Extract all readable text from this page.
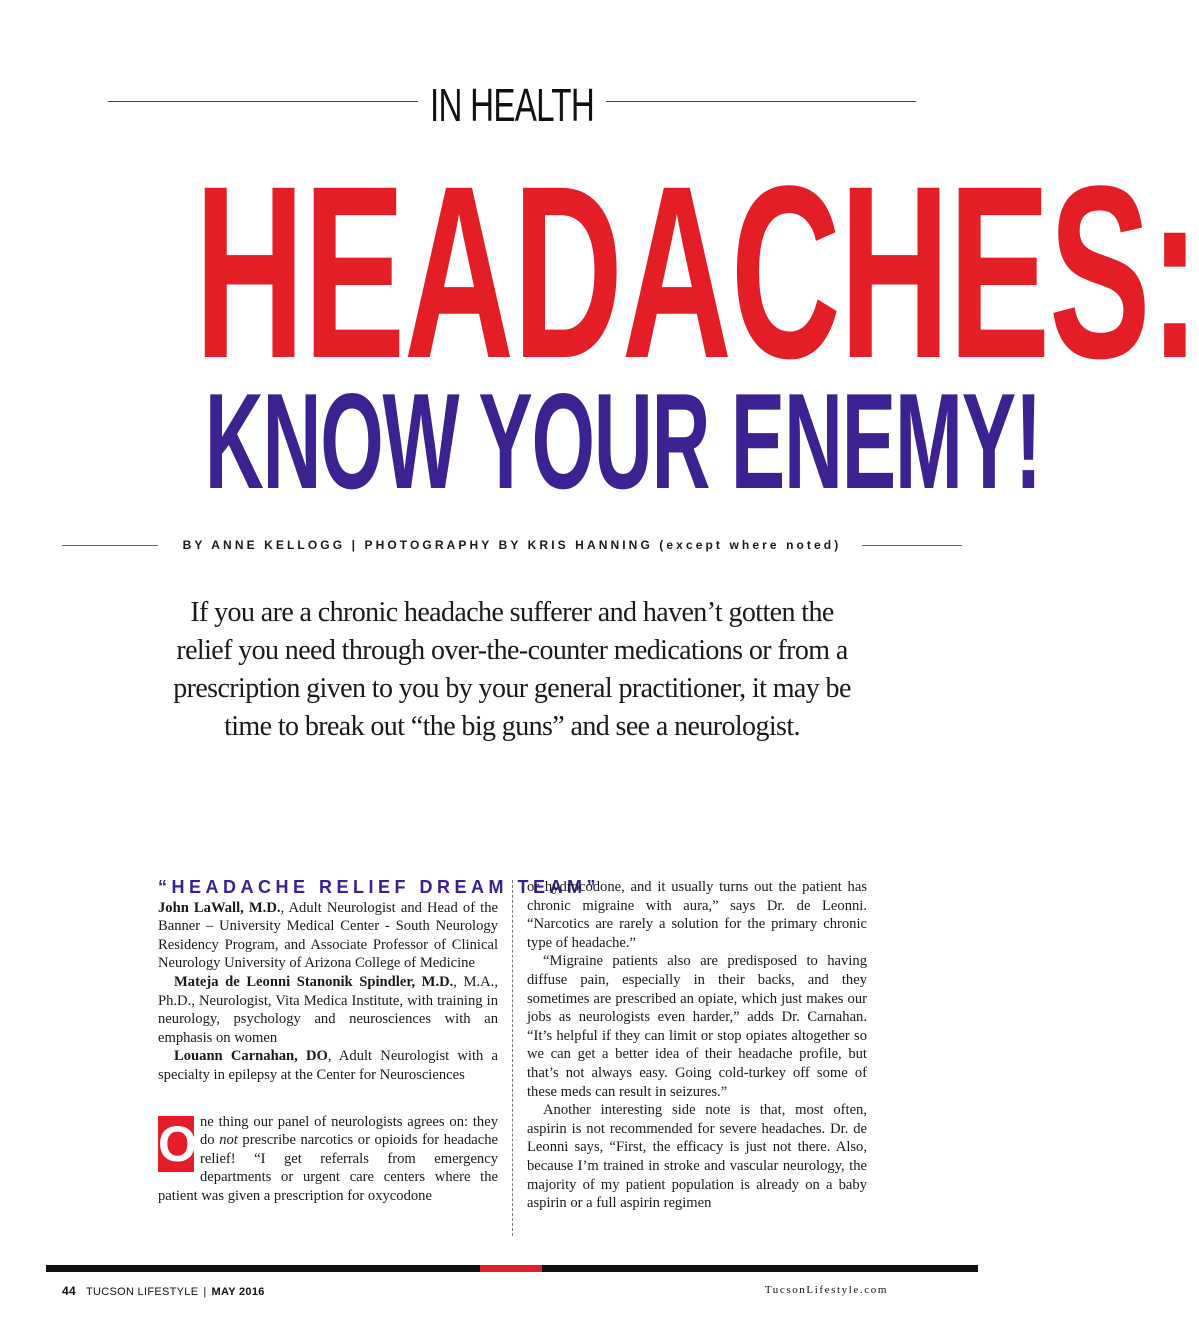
IN HEALTH
HEADACHES:
KNOW YOUR ENEMY!
BY ANNE KELLOGG | PHOTOGRAPHY BY KRIS HANNING (except where noted)
If you are a chronic headache sufferer and haven’t gotten the relief you need through over-the-counter medications or from a prescription given to you by your general practitioner, it may be time to break out “the big guns” and see a neurologist.
“HEADACHE RELIEF DREAM TEAM”

John LaWall, M.D., Adult Neurologist and Head of the Banner – University Medical Center - South Neurology Residency Program, and Associate Professor of Clinical Neurology University of Arizona College of Medicine

Mateja de Leonni Stanonik Spindler, M.D., M.A., Ph.D., Neurologist, Vita Medica Institute, with training in neurology, psychology and neurosciences with an emphasis on women

Louann Carnahan, DO, Adult Neurologist with a specialty in epilepsy at the Center for Neurosciences

O ne thing our panel of neurologists agrees on: they do not prescribe narcotics or opioids for headache relief! “I get referrals from emergency departments or urgent care centers where the patient was given a prescription for oxycodone

or hydrocodone, and it usually turns out the patient has chronic migraine with aura,” says Dr. de Leonni. “Narcotics are rarely a solution for the primary chronic type of headache.”

“Migraine patients also are predisposed to having diffuse pain, especially in their backs, and they sometimes are prescribed an opiate, which just makes our jobs as neurologists even harder,” adds Dr. Carnahan. “It’s helpful if they can limit or stop opiates altogether so we can get a better idea of their headache profile, but that’s not always easy. Going cold-turkey off some of these meds can result in seizures.”

Another interesting side note is that, most often, aspirin is not recommended for severe headaches. Dr. de Leonni says, “First, the efficacy is just not there. Also, because I’m trained in stroke and vascular neurology, the majority of my patient population is already on a baby aspirin or a full aspirin regimen

44 TUCSON LIFESTYLE | MAY 2016	TucsonLifestyle.com
